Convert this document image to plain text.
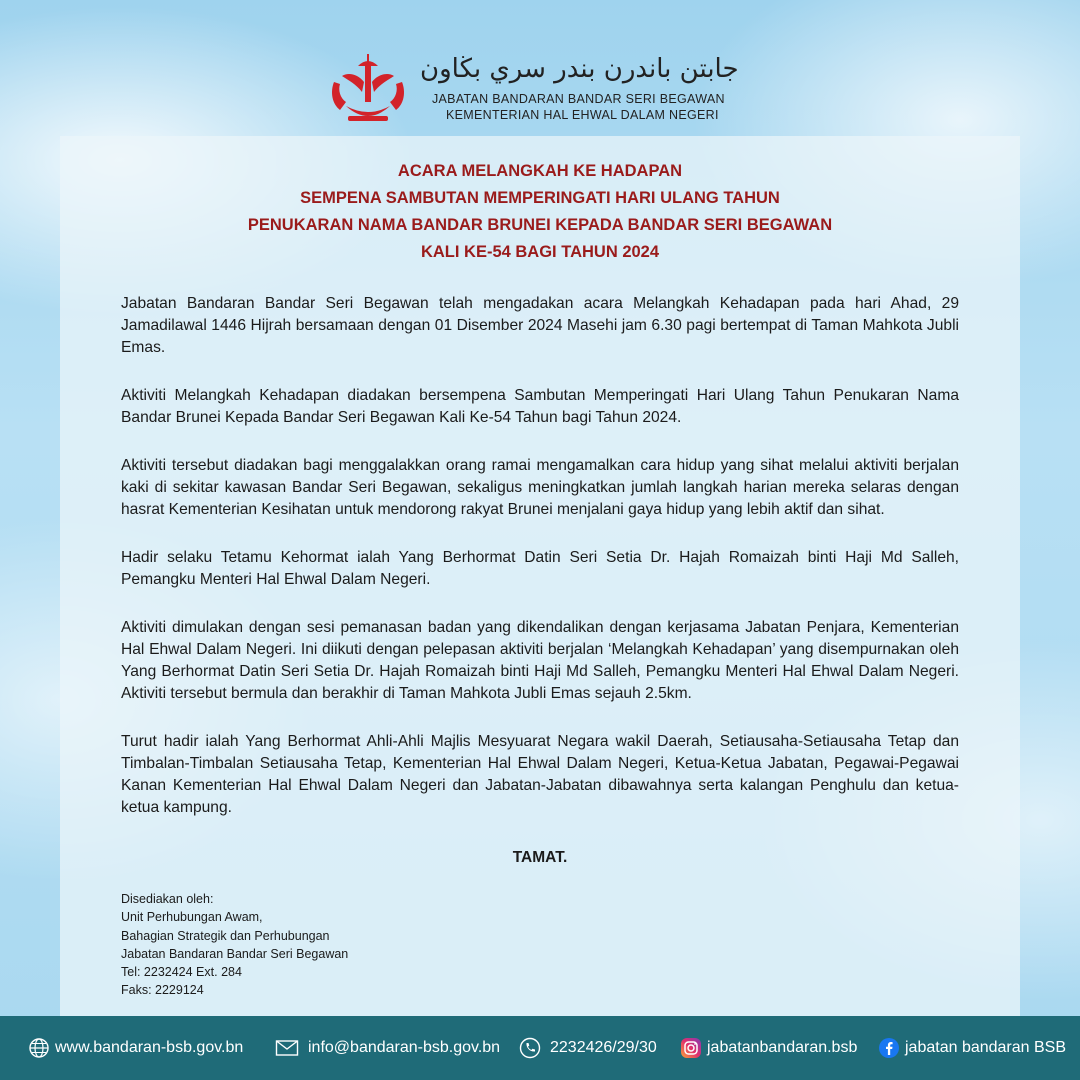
جابتن باندرن بندر سري بڬاون
JABATAN BANDARAN BANDAR SERI BEGAWAN
KEMENTERIAN HAL EHWAL DALAM NEGERI
ACARA MELANGKAH KE HADAPAN
SEMPENA SAMBUTAN MEMPERINGATI HARI ULANG TAHUN
PENUKARAN NAMA BANDAR BRUNEI KEPADA BANDAR SERI BEGAWAN
KALI KE-54 BAGI TAHUN 2024

Jabatan Bandaran Bandar Seri Begawan telah mengadakan acara Melangkah Kehadapan pada hari Ahad, 29 Jamadilawal 1446 Hijrah bersamaan dengan 01 Disember 2024 Masehi jam 6.30 pagi bertempat di Taman Mahkota Jubli Emas.

Aktiviti Melangkah Kehadapan diadakan bersempena Sambutan Memperingati Hari Ulang Tahun Penukaran Nama Bandar Brunei Kepada Bandar Seri Begawan Kali Ke-54 Tahun bagi Tahun 2024.

Aktiviti tersebut diadakan bagi menggalakkan orang ramai mengamalkan cara hidup yang sihat melalui aktiviti berjalan kaki di sekitar kawasan Bandar Seri Begawan, sekaligus meningkatkan jumlah langkah harian mereka selaras dengan hasrat Kementerian Kesihatan untuk mendorong rakyat Brunei menjalani gaya hidup yang lebih aktif dan sihat.

Hadir selaku Tetamu Kehormat ialah Yang Berhormat Datin Seri Setia Dr. Hajah Romaizah binti Haji Md Salleh, Pemangku Menteri Hal Ehwal Dalam Negeri.

Aktiviti dimulakan dengan sesi pemanasan badan yang dikendalikan dengan kerjasama Jabatan Penjara, Kementerian Hal Ehwal Dalam Negeri. Ini diikuti dengan pelepasan aktiviti berjalan ‘Melangkah Kehadapan’ yang disempurnakan oleh Yang Berhormat Datin Seri Setia Dr. Hajah Romaizah binti Haji Md Salleh, Pemangku Menteri Hal Ehwal Dalam Negeri. Aktiviti tersebut bermula dan berakhir di Taman Mahkota Jubli Emas sejauh 2.5km.

Turut hadir ialah Yang Berhormat Ahli-Ahli Majlis Mesyuarat Negara wakil Daerah, Setiausaha-Setiausaha Tetap dan Timbalan-Timbalan Setiausaha Tetap, Kementerian Hal Ehwal Dalam Negeri, Ketua-Ketua Jabatan, Pegawai-Pegawai Kanan Kementerian Hal Ehwal Dalam Negeri dan Jabatan-Jabatan dibawahnya serta kalangan Penghulu dan ketua-ketua kampung.

TAMAT.
Disediakan oleh:
Unit Perhubungan Awam,
Bahagian Strategik dan Perhubungan
Jabatan Bandaran Bandar Seri Begawan
Tel: 2232424 Ext. 284
Faks: 2229124
www.bandaran-bsb.gov.bn	info@bandaran-bsb.gov.bn	2232426/29/30	jabatanbandaran.bsb	jabatan bandaran BSB
